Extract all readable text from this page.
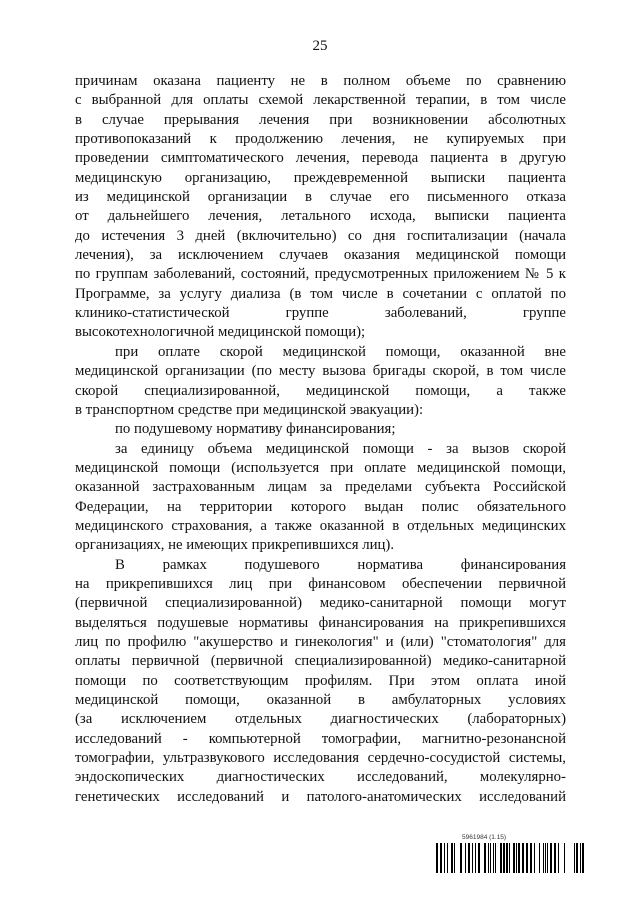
25
причинам оказана пациенту не в полном объеме по сравнению
с выбранной для оплаты схемой лекарственной терапии, в том числе
в случае прерывания лечения при возникновении абсолютных
противопоказаний к продолжению лечения, не купируемых при
проведении симптоматического лечения, перевода пациента в другую
медицинскую организацию, преждевременной выписки пациента
из медицинской организации в случае его письменного отказа
от дальнейшего лечения, летального исхода, выписки пациента
до истечения 3 дней (включительно) со дня госпитализации (начала
лечения), за исключением случаев оказания медицинской помощи
по группам заболеваний, состояний, предусмотренных приложением № 5 к
Программе, за услугу диализа (в том числе в сочетании с оплатой по
клинико-статистической группе заболеваний, группе
высокотехнологичной медицинской помощи);
при оплате скорой медицинской помощи, оказанной вне
медицинской организации (по месту вызова бригады скорой, в том числе
скорой специализированной, медицинской помощи, а также
в транспортном средстве при медицинской эвакуации):
по подушевому нормативу финансирования;
за единицу объема медицинской помощи - за вызов скорой
медицинской помощи (используется при оплате медицинской помощи,
оказанной застрахованным лицам за пределами субъекта Российской
Федерации, на территории которого выдан полис обязательного
медицинского страхования, а также оказанной в отдельных медицинских
организациях, не имеющих прикрепившихся лиц).
В рамках подушевого норматива финансирования
на прикрепившихся лиц при финансовом обеспечении первичной
(первичной специализированной) медико-санитарной помощи могут
выделяться подушевые нормативы финансирования на прикрепившихся
лиц по профилю "акушерство и гинекология" и (или) "стоматология" для
оплаты первичной (первичной специализированной) медико-санитарной
помощи по соответствующим профилям. При этом оплата иной
медицинской помощи, оказанной в амбулаторных условиях
(за исключением отдельных диагностических (лабораторных)
исследований - компьютерной томографии, магнитно-резонансной
томографии, ультразвукового исследования сердечно-сосудистой системы,
эндоскопических диагностических исследований, молекулярно-
генетических исследований и патолого-анатомических исследований
5961984 (1.15)
